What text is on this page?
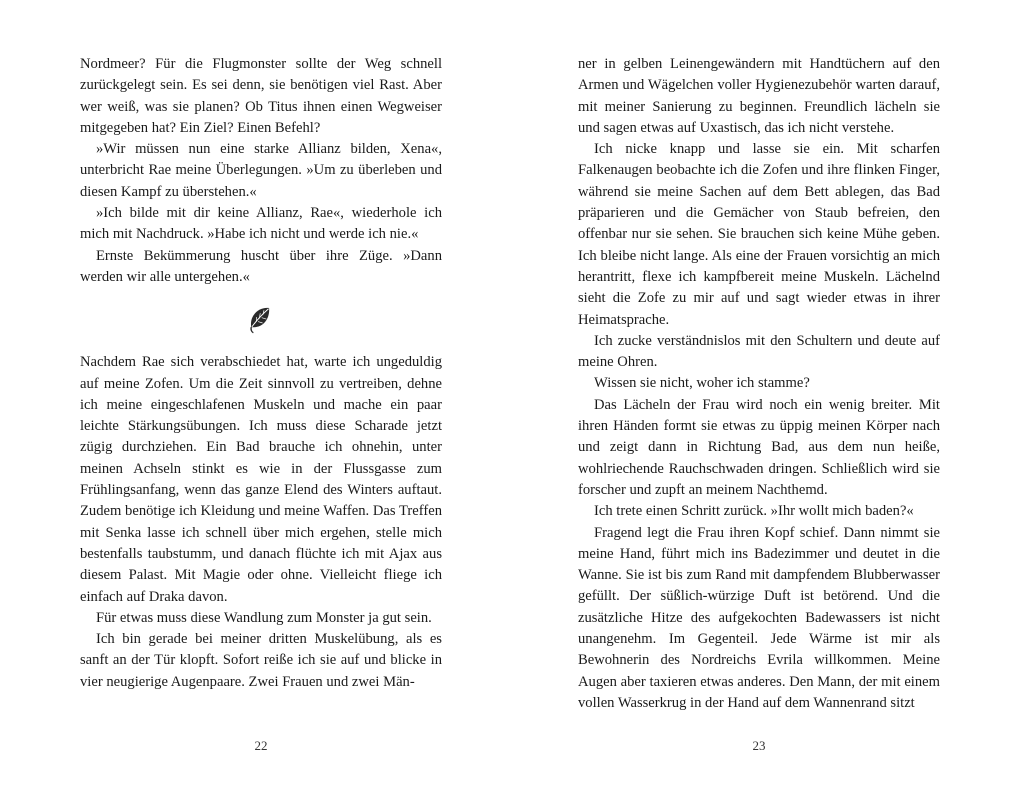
Nordmeer? Für die Flugmonster sollte der Weg schnell zurückgelegt sein. Es sei denn, sie benötigen viel Rast. Aber wer weiß, was sie planen? Ob Titus ihnen einen Wegweiser mitgegeben hat? Ein Ziel? Einen Befehl?

»Wir müssen nun eine starke Allianz bilden, Xena«, unterbricht Rae meine Überlegungen. »Um zu überleben und diesen Kampf zu überstehen.«

»Ich bilde mit dir keine Allianz, Rae«, wiederhole ich mich mit Nachdruck. »Habe ich nicht und werde ich nie.«

Ernste Bekümmerung huscht über ihre Züge. »Dann werden wir alle untergehen.«

Nachdem Rae sich verabschiedet hat, warte ich ungeduldig auf meine Zofen. Um die Zeit sinnvoll zu vertreiben, dehne ich meine eingeschlafenen Muskeln und mache ein paar leichte Stärkungsübungen. Ich muss diese Scharade jetzt zügig durchziehen. Ein Bad brauche ich ohnehin, unter meinen Achseln stinkt es wie in der Flussgasse zum Frühlingsanfang, wenn das ganze Elend des Winters auftaut. Zudem benötige ich Kleidung und meine Waffen. Das Treffen mit Senka lasse ich schnell über mich ergehen, stelle mich bestenfalls taubstumm, und danach flüchte ich mit Ajax aus diesem Palast. Mit Magie oder ohne. Vielleicht fliege ich einfach auf Draka davon.

Für etwas muss diese Wandlung zum Monster ja gut sein.

Ich bin gerade bei meiner dritten Muskelübung, als es sanft an der Tür klopft. Sofort reiße ich sie auf und blicke in vier neugierige Augenpaare. Zwei Frauen und zwei Män-

22

ner in gelben Leinengewändern mit Handtüchern auf den Armen und Wägelchen voller Hygienezubehör warten darauf, mit meiner Sanierung zu beginnen. Freundlich lächeln sie und sagen etwas auf Uxastisch, das ich nicht verstehe.

Ich nicke knapp und lasse sie ein. Mit scharfen Falkenaugen beobachte ich die Zofen und ihre flinken Finger, während sie meine Sachen auf dem Bett ablegen, das Bad präparieren und die Gemächer von Staub befreien, den offenbar nur sie sehen. Sie brauchen sich keine Mühe geben. Ich bleibe nicht lange. Als eine der Frauen vorsichtig an mich herantritt, flexe ich kampfbereit meine Muskeln. Lächelnd sieht die Zofe zu mir auf und sagt wieder etwas in ihrer Heimatsprache.

Ich zucke verständnislos mit den Schultern und deute auf meine Ohren.

Wissen sie nicht, woher ich stamme?

Das Lächeln der Frau wird noch ein wenig breiter. Mit ihren Händen formt sie etwas zu üppig meinen Körper nach und zeigt dann in Richtung Bad, aus dem nun heiße, wohlriechende Rauchschwaden dringen. Schließlich wird sie forscher und zupft an meinem Nachthemd.

Ich trete einen Schritt zurück. »Ihr wollt mich baden?«

Fragend legt die Frau ihren Kopf schief. Dann nimmt sie meine Hand, führt mich ins Badezimmer und deutet in die Wanne. Sie ist bis zum Rand mit dampfendem Blubberwasser gefüllt. Der süßlich-würzige Duft ist betörend. Und die zusätzliche Hitze des aufgekochten Badewassers ist nicht unangenehm. Im Gegenteil. Jede Wärme ist mir als Bewohnerin des Nordreichs Evrila willkommen. Meine Augen aber taxieren etwas anderes. Den Mann, der mit einem vollen Wasserkrug in der Hand auf dem Wannenrand sitzt

23
